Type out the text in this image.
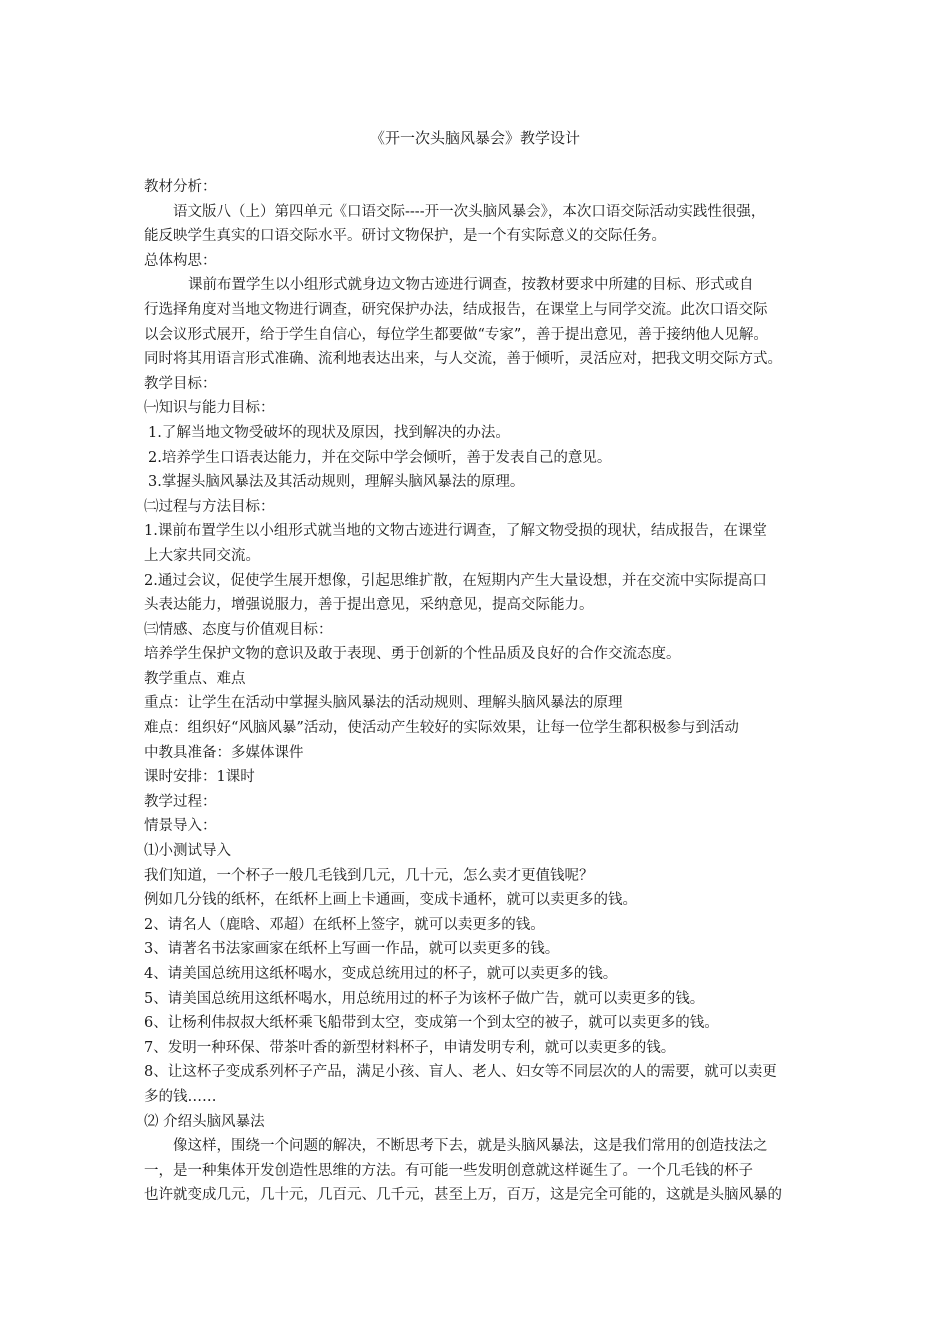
《开一次头脑风暴会》教学设计
教材分析：
语文版八（上）第四单元《口语交际----开一次头脑风暴会》，本次口语交际活动实践性很强，
能反映学生真实的口语交际水平。研讨文物保护，是一个有实际意义的交际任务。
总体构思：
课前布置学生以小组形式就身边文物古迹进行调查，按教材要求中所建的目标、形式或自
行选择角度对当地文物进行调查，研究保护办法，结成报告，在课堂上与同学交流。此次口语交际
以会议形式展开，给于学生自信心，每位学生都要做“专家”，善于提出意见，善于接纳他人见解。
同时将其用语言形式准确、流利地表达出来，与人交流，善于倾听，灵活应对，把我文明交际方式。
教学目标：
㈠知识与能力目标：
1.了解当地文物受破坏的现状及原因，找到解决的办法。
2.培养学生口语表达能力，并在交际中学会倾听，善于发表自己的意见。
3.掌握头脑风暴法及其活动规则，理解头脑风暴法的原理。
㈡过程与方法目标：
1.课前布置学生以小组形式就当地的文物古迹进行调查，了解文物受损的现状，结成报告，在课堂
上大家共同交流。
2.通过会议，促使学生展开想像，引起思维扩散，在短期内产生大量设想，并在交流中实际提高口
头表达能力，增强说服力，善于提出意见，采纳意见，提高交际能力。
㈢情感、态度与价值观目标：
培养学生保护文物的意识及敢于表现、勇于创新的个性品质及良好的合作交流态度。
教学重点、难点
重点：让学生在活动中掌握头脑风暴法的活动规则、理解头脑风暴法的原理
难点：组织好“风脑风暴”活动，使活动产生较好的实际效果，让每一位学生都积极参与到活动
中教具准备：多媒体课件
课时安排：1课时
教学过程：
情景导入：
⑴小测试导入
我们知道，一个杯子一般几毛钱到几元，几十元，怎么卖才更值钱呢？
例如几分钱的纸杯，在纸杯上画上卡通画，变成卡通杯，就可以卖更多的钱。
2、请名人（鹿晗、邓超）在纸杯上签字，就可以卖更多的钱。
3、请著名书法家画家在纸杯上写画一作品，就可以卖更多的钱。
4、请美国总统用这纸杯喝水，变成总统用过的杯子，就可以卖更多的钱。
5、请美国总统用这纸杯喝水，用总统用过的杯子为该杯子做广告，就可以卖更多的钱。
6、让杨利伟叔叔大纸杯乘飞船带到太空，变成第一个到太空的被子，就可以卖更多的钱。
7、发明一种环保、带茶叶香的新型材料杯子，申请发明专利，就可以卖更多的钱。
8、让这杯子变成系列杯子产品，满足小孩、盲人、老人、妇女等不同层次的人的需要，就可以卖更
多的钱……
⑵ 介绍头脑风暴法
像这样，围绕一个问题的解决，不断思考下去，就是头脑风暴法，这是我们常用的创造技法之
一，是一种集体开发创造性思维的方法。有可能一些发明创意就这样诞生了。一个几毛钱的杯子
也许就变成几元，几十元，几百元、几千元，甚至上万，百万，这是完全可能的，这就是头脑风暴的
